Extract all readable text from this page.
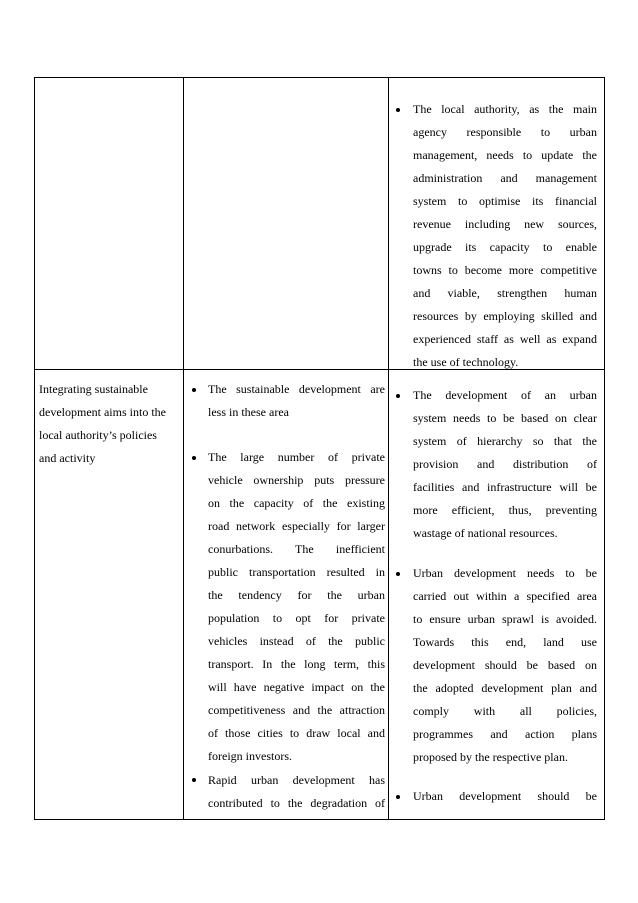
The local authority, as the main
agency responsible to urban
management, needs to update the
administration and management
system to optimise its financial
revenue including new sources,
upgrade its capacity to enable
towns to become more competitive
and viable, strengthen human
resources by employing skilled and
experienced staff as well as expand
the use of technology.
Integrating sustainable
development aims into the
local authority’s policies
and activity
The sustainable development are
less in these area
The large number of private
vehicle ownership puts pressure
on the capacity of the existing
road network especially for larger
conurbations. The inefficient
public transportation resulted in
the tendency for the urban
population to opt for private
vehicles instead of the public
transport. In the long term, this
will have negative impact on the
competitiveness and the attraction
of those cities to draw local and
foreign investors.
Rapid urban development has
contributed to the degradation of
The development of an urban
system needs to be based on clear
system of hierarchy so that the
provision and distribution of
facilities and infrastructure will be
more efficient, thus, preventing
wastage of national resources.
Urban development needs to be
carried out within a specified area
to ensure urban sprawl is avoided.
Towards this end, land use
development should be based on
the adopted development plan and
comply with all policies,
programmes and action plans
proposed by the respective plan.
Urban development should be
